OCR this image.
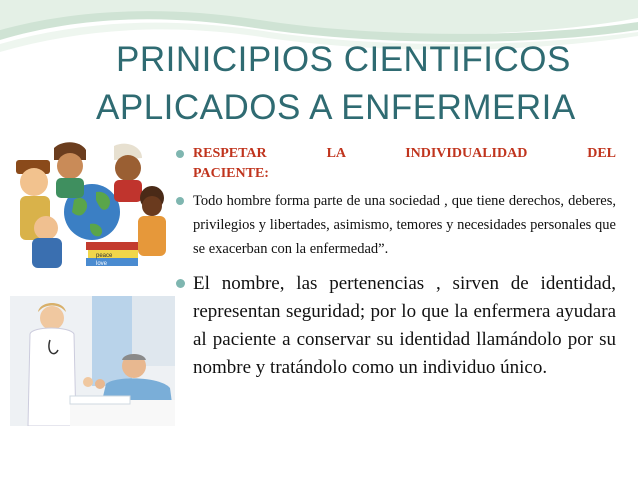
PRINICIPIOS CIENTIFICOS
APLICADOS A ENFERMERIA
peace
love
RESPETAR	LA	INDIVIDUALIDAD	DEL
PACIENTE:
Todo hombre forma parte de una sociedad , que tiene derechos, deberes, privilegios y libertades, asimismo, temores y necesidades personales que se exacerban con la enfermedad”.
El nombre, las pertenencias , sirven de identidad, representan seguridad; por lo que la enfermera ayudara al paciente a conservar su identidad llamándolo por su nombre y tratándolo como un individuo único.
